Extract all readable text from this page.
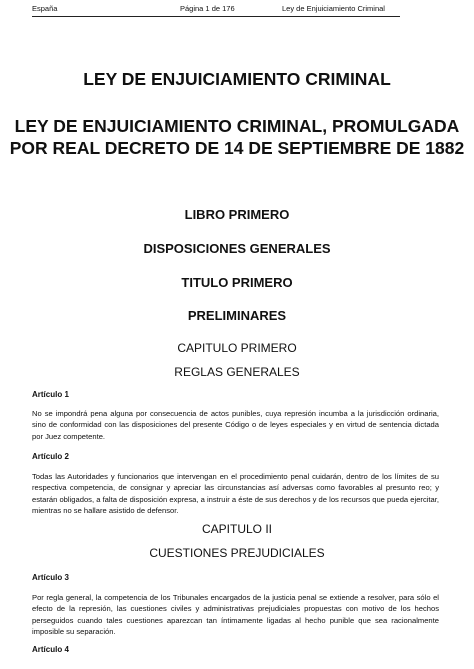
España	Página 1 de 176	Ley de Enjuiciamiento Criminal
LEY DE ENJUICIAMIENTO CRIMINAL
LEY DE ENJUICIAMIENTO CRIMINAL, PROMULGADA POR REAL DECRETO DE 14 DE SEPTIEMBRE DE 1882
LIBRO PRIMERO
DISPOSICIONES GENERALES
TITULO PRIMERO
PRELIMINARES
CAPITULO PRIMERO
REGLAS GENERALES
Artículo 1
No se impondrá pena alguna por consecuencia de actos punibles, cuya represión incumba a la jurisdicción ordinaria, sino de conformidad con las disposiciones del presente Código o de leyes especiales y en virtud de sentencia dictada por Juez competente.
Artículo 2
Todas las Autoridades y funcionarios que intervengan en el procedimiento penal cuidarán, dentro de los límites de su respectiva competencia, de consignar y apreciar las circunstancias así adversas como favorables al presunto reo; y estarán obligados, a falta de disposición expresa, a instruir a éste de sus derechos y de los recursos que pueda ejercitar, mientras no se hallare asistido de defensor.
CAPITULO II
CUESTIONES PREJUDICIALES
Artículo 3
Por regla general, la competencia de los Tribunales encargados de la justicia penal se extiende a resolver, para sólo el efecto de la represión, las cuestiones civiles y administrativas prejudiciales propuestas con motivo de los hechos perseguidos cuando tales cuestiones aparezcan tan íntimamente ligadas al hecho punible que sea racionalmente imposible su separación.
Artículo 4
